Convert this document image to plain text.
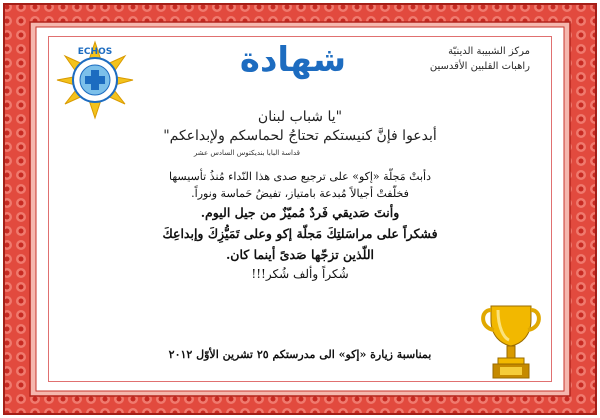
ECHOS	شهادة	مركز الشبيبة الدينيّة
راهبات القلبين الأقدسين
"يا شباب لبنان
أبدعوا فإنَّ كنيستكم تحتاجُ لحماسكم ولإبداعكم"
قداسة البابا بنديكتوس السادس عشر
دأبتْ مَجلّة «إكو» على ترجيع صدى هذا النّداء مُنذُ تأسيسها
فخلّفتْ أجيالاً مُبدعة بامتياز، تفيضُ حَماسة ونوراً.
وأنتَ صَديقي فَردٌ مُميّزٌ من جيل اليوم.
فشكراً على مراسَلتِكَ مَجلّة إكو وعلى تَمَيُّزِكَ وإبداعِكَ
اللّذين تزجّها صَدىً أينما كان.
شُكراً وألف شُكر!!!
بمناسبة زيارة «إكو» الى مدرستكم ٢٥ تشرين الأوّل ٢٠١٢
